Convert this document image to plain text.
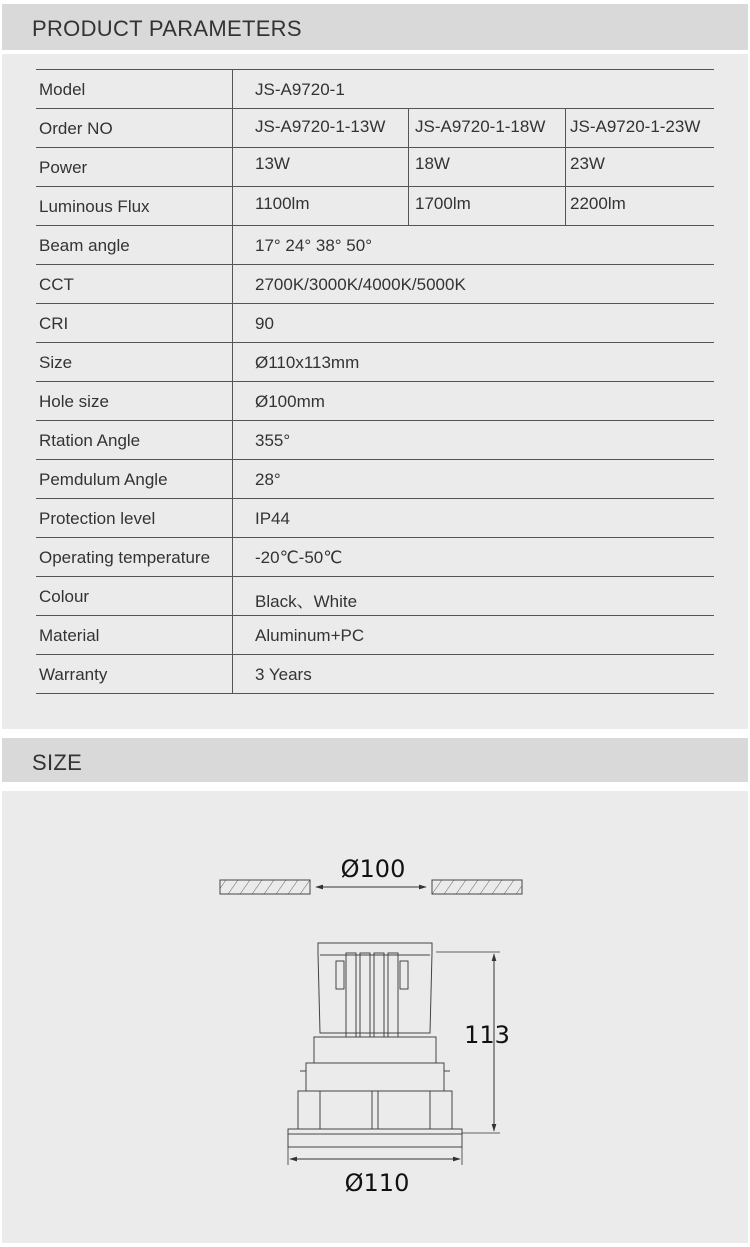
PRODUCT PARAMETERS
Model	JS-A9720-1
Order NO	JS-A9720-1-13W JS-A9720-1-18W JS-A9720-1-23W
Power	13W	18W	23W
Luminous Flux	1100lm	1700lm	2200lm
Beam angle	17° 24° 38° 50°
CCT	2700K/3000K/4000K/5000K
CRI	90
Size	Ø110x113mm
Hole size	Ø100mm
Rtation Angle	355°
Pemdulum Angle	28°
Protection level	IP44
Operating temperature	-20℃-50℃
Colour	Black、White
Material	Aluminum+PC
Warranty	3 Years
SIZE
Ø100
113
Ø110
